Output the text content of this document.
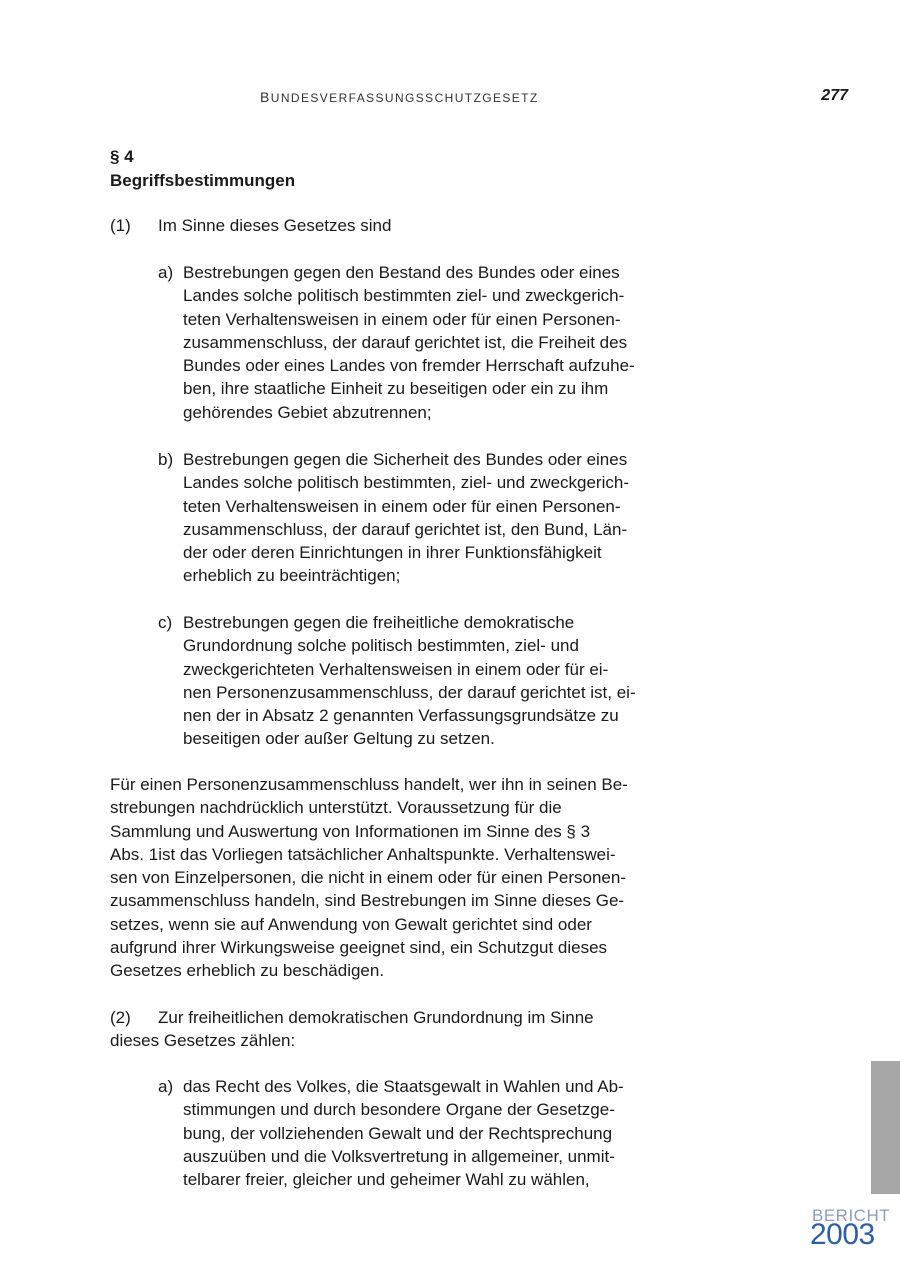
BUNDESVERFASSUNGSSCHUTZGESETZ	277
§ 4
Begriffsbestimmungen
(1) Im Sinne dieses Gesetzes sind
a) Bestrebungen gegen den Bestand des Bundes oder eines
Landes solche politisch bestimmten ziel- und zweckgerich-
teten Verhaltensweisen in einem oder für einen Personen-
zusammenschluss, der darauf gerichtet ist, die Freiheit des
Bundes oder eines Landes von fremder Herrschaft aufzuhe-
ben, ihre staatliche Einheit zu beseitigen oder ein zu ihm
gehörendes Gebiet abzutrennen;
b) Bestrebungen gegen die Sicherheit des Bundes oder eines
Landes solche politisch bestimmten, ziel- und zweckgerich-
teten Verhaltensweisen in einem oder für einen Personen-
zusammenschluss, der darauf gerichtet ist, den Bund, Län-
der oder deren Einrichtungen in ihrer Funktionsfähigkeit
erheblich zu beeinträchtigen;
c) Bestrebungen gegen die freiheitliche demokratische
Grundordnung solche politisch bestimmten, ziel- und
zweckgerichteten Verhaltensweisen in einem oder für ei-
nen Personenzusammenschluss, der darauf gerichtet ist, ei-
nen der in Absatz 2 genannten Verfassungsgrundsätze zu
beseitigen oder außer Geltung zu setzen.
Für einen Personenzusammenschluss handelt, wer ihn in seinen Be-
strebungen nachdrücklich unterstützt. Voraussetzung für die
Sammlung und Auswertung von Informationen im Sinne des § 3
Abs. 1ist das Vorliegen tatsächlicher Anhaltspunkte. Verhaltenswei-
sen von Einzelpersonen, die nicht in einem oder für einen Personen-
zusammenschluss handeln, sind Bestrebungen im Sinne dieses Ge-
setzes, wenn sie auf Anwendung von Gewalt gerichtet sind oder
aufgrund ihrer Wirkungsweise geeignet sind, ein Schutzgut dieses
Gesetzes erheblich zu beschädigen.
(2) Zur freiheitlichen demokratischen Grundordnung im Sinne
dieses Gesetzes zählen:
a) das Recht des Volkes, die Staatsgewalt in Wahlen und Ab-
stimmungen und durch besondere Organe der Gesetzge-
bung, der vollziehenden Gewalt und der Rechtsprechung
auszuüben und die Volksvertretung in allgemeiner, unmit-
telbarer freier, gleicher und geheimer Wahl zu wählen,
BERICHT
2003
